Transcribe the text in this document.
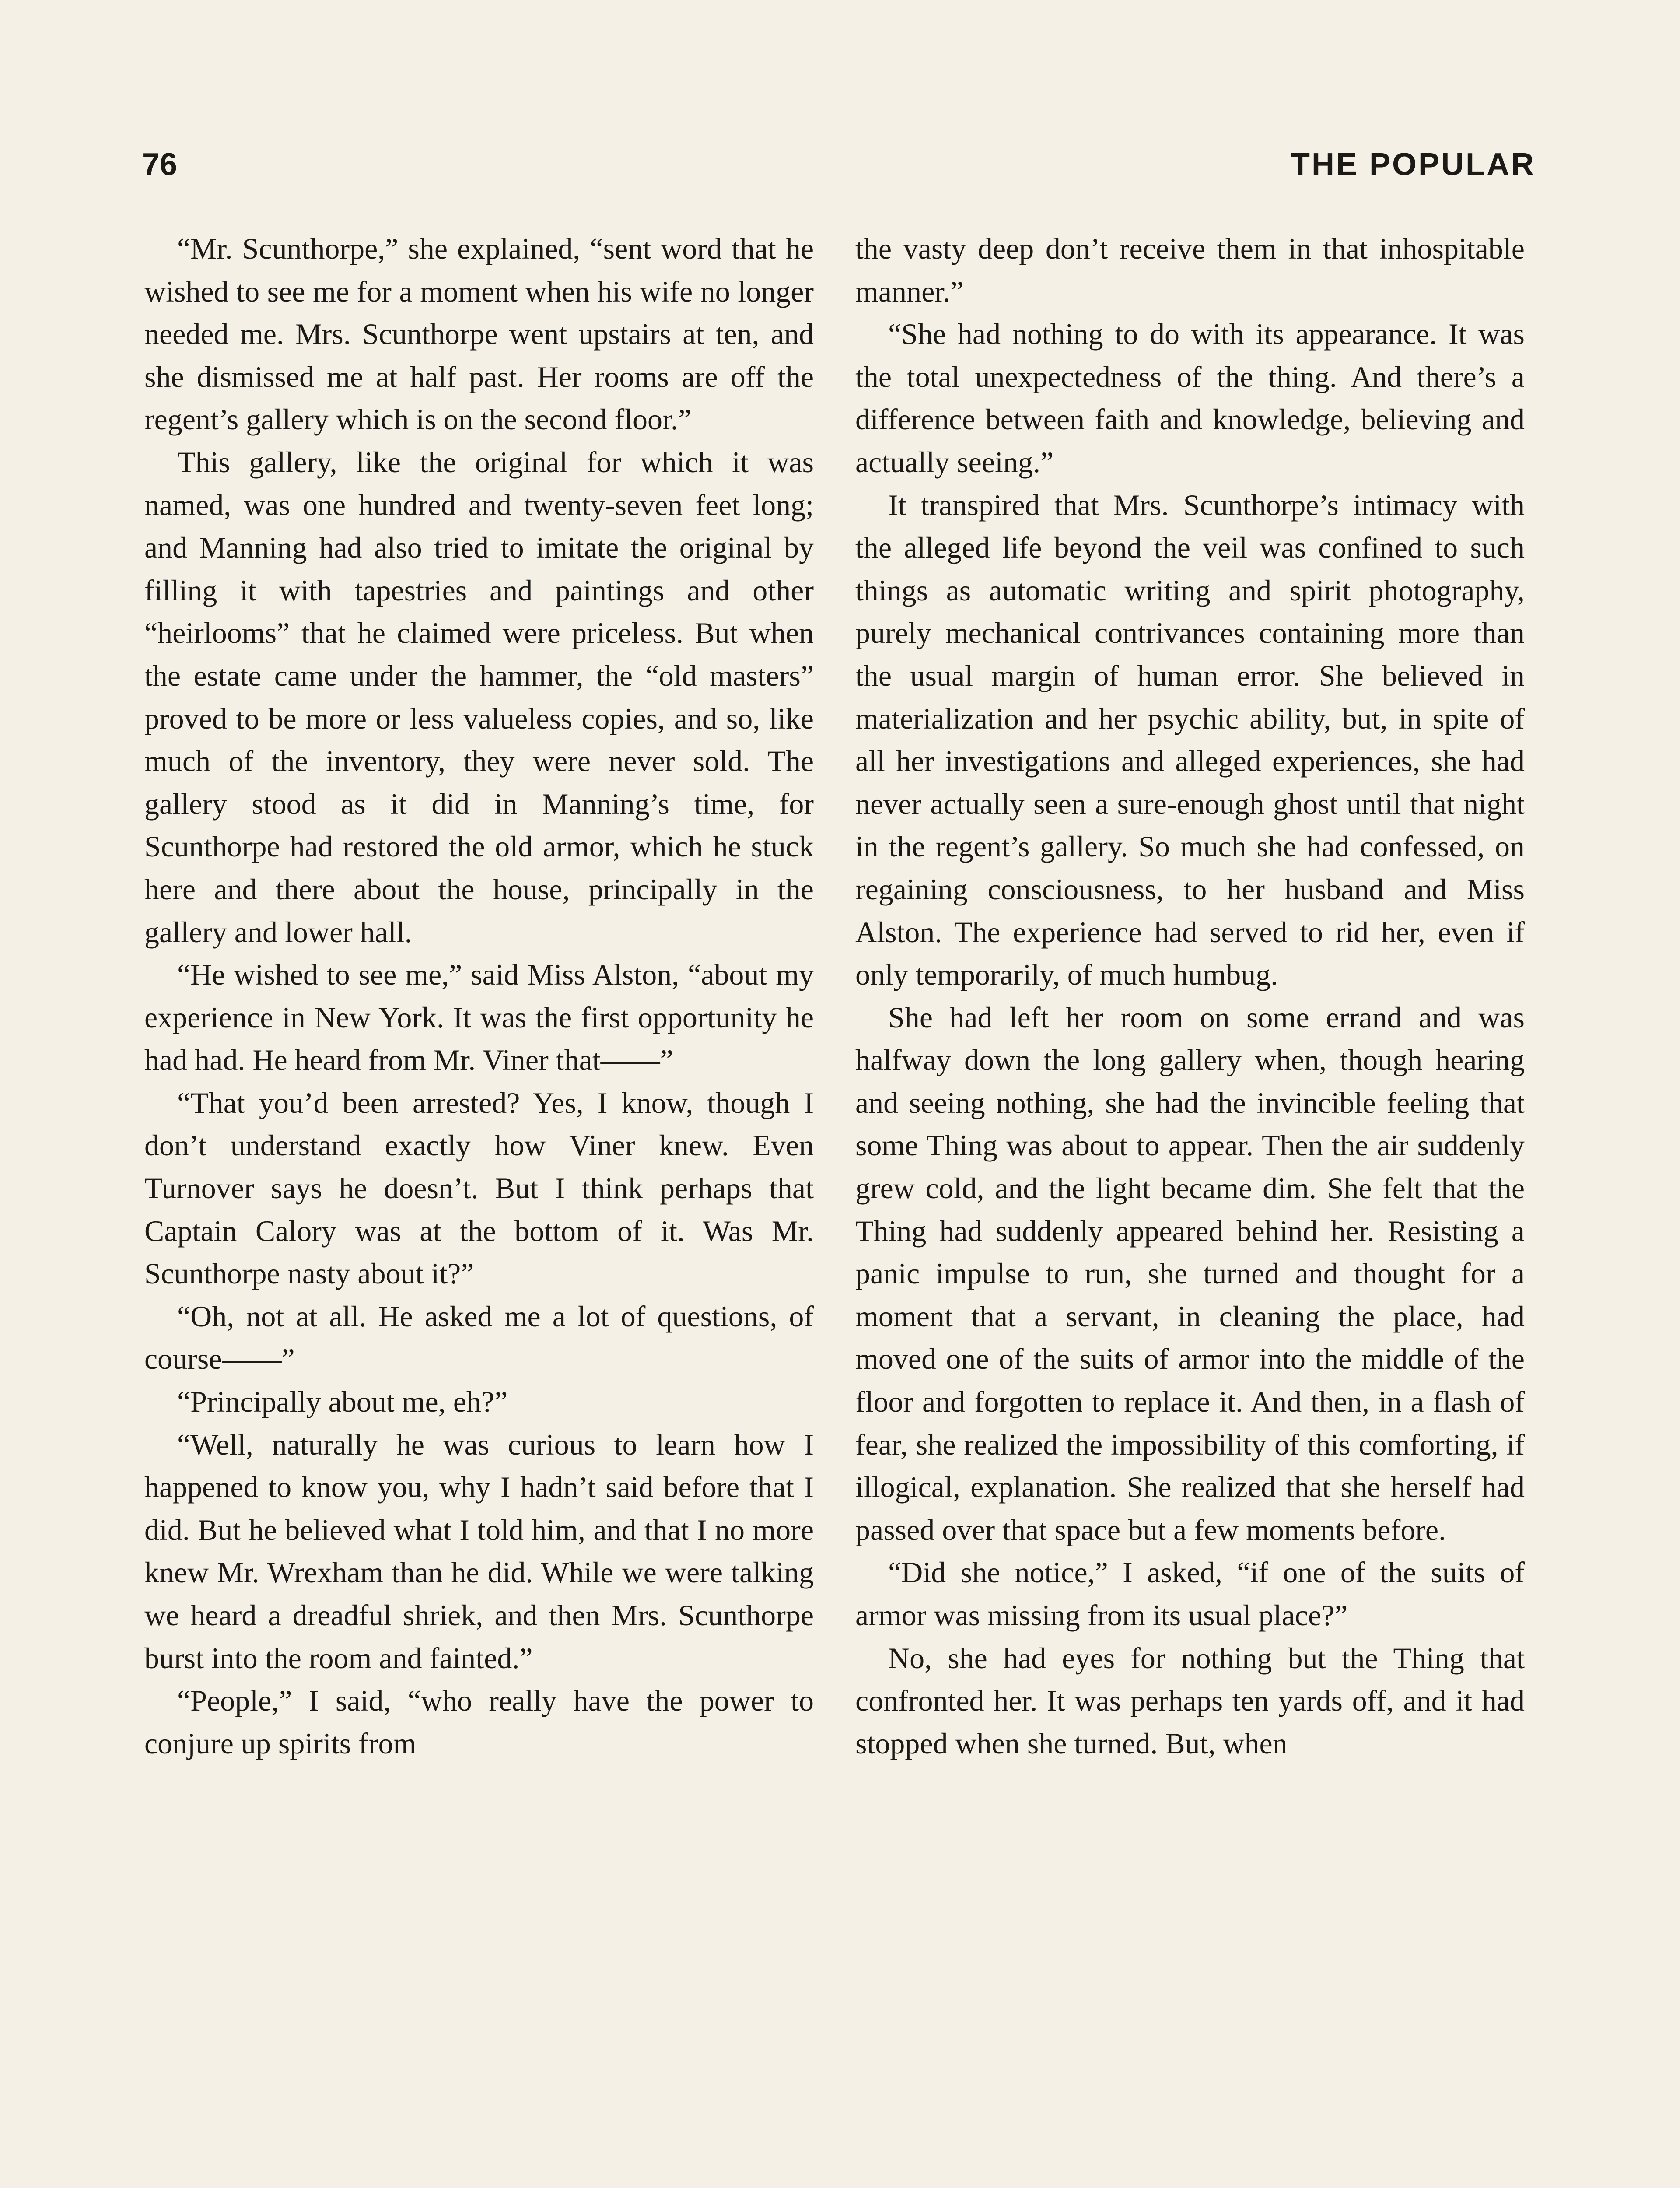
76	THE POPULAR

“Mr. Scunthorpe,” she explained, “sent word that he wished to see me for a moment when his wife no longer needed me. Mrs. Scunthorpe went upstairs at ten, and she dismissed me at half past. Her rooms are off the regent’s gallery which is on the second floor.”

This gallery, like the original for which it was named, was one hundred and twenty-seven feet long; and Manning had also tried to imitate the original by filling it with tapestries and paintings and other “heirlooms” that he claimed were priceless. But when the estate came under the hammer, the “old masters” proved to be more or less valueless copies, and so, like much of the inventory, they were never sold. The gallery stood as it did in Manning’s time, for Scunthorpe had restored the old armor, which he stuck here and there about the house, principally in the gallery and lower hall.

“He wished to see me,” said Miss Alston, “about my experience in New York. It was the first opportunity he had had. He heard from Mr. Viner that——”

“That you’d been arrested? Yes, I know, though I don’t understand exactly how Viner knew. Even Turnover says he doesn’t. But I think perhaps that Captain Calory was at the bottom of it. Was Mr. Scunthorpe nasty about it?”

“Oh, not at all. He asked me a lot of questions, of course——”

“Principally about me, eh?”

“Well, naturally he was curious to learn how I happened to know you, why I hadn’t said before that I did. But he believed what I told him, and that I no more knew Mr. Wrexham than he did. While we were talking we heard a dreadful shriek, and then Mrs. Scunthorpe burst into the room and fainted.”

“People,” I said, “who really have the power to conjure up spirits from

the vasty deep don’t receive them in that inhospitable manner.”

“She had nothing to do with its appearance. It was the total unexpectedness of the thing. And there’s a difference between faith and knowledge, believing and actually seeing.”

It transpired that Mrs. Scunthorpe’s intimacy with the alleged life beyond the veil was confined to such things as automatic writing and spirit photography, purely mechanical contrivances containing more than the usual margin of human error. She believed in materialization and her psychic ability, but, in spite of all her investigations and alleged experiences, she had never actually seen a sure-enough ghost until that night in the regent’s gallery. So much she had confessed, on regaining consciousness, to her husband and Miss Alston. The experience had served to rid her, even if only temporarily, of much humbug.

She had left her room on some errand and was halfway down the long gallery when, though hearing and seeing nothing, she had the invincible feeling that some Thing was about to appear. Then the air suddenly grew cold, and the light became dim. She felt that the Thing had suddenly appeared behind her. Resisting a panic impulse to run, she turned and thought for a moment that a servant, in cleaning the place, had moved one of the suits of armor into the middle of the floor and forgotten to replace it. And then, in a flash of fear, she realized the impossibility of this comforting, if illogical, explanation. She realized that she herself had passed over that space but a few moments before.

“Did she notice,” I asked, “if one of the suits of armor was missing from its usual place?”

No, she had eyes for nothing but the Thing that confronted her. It was perhaps ten yards off, and it had stopped when she turned. But, when
